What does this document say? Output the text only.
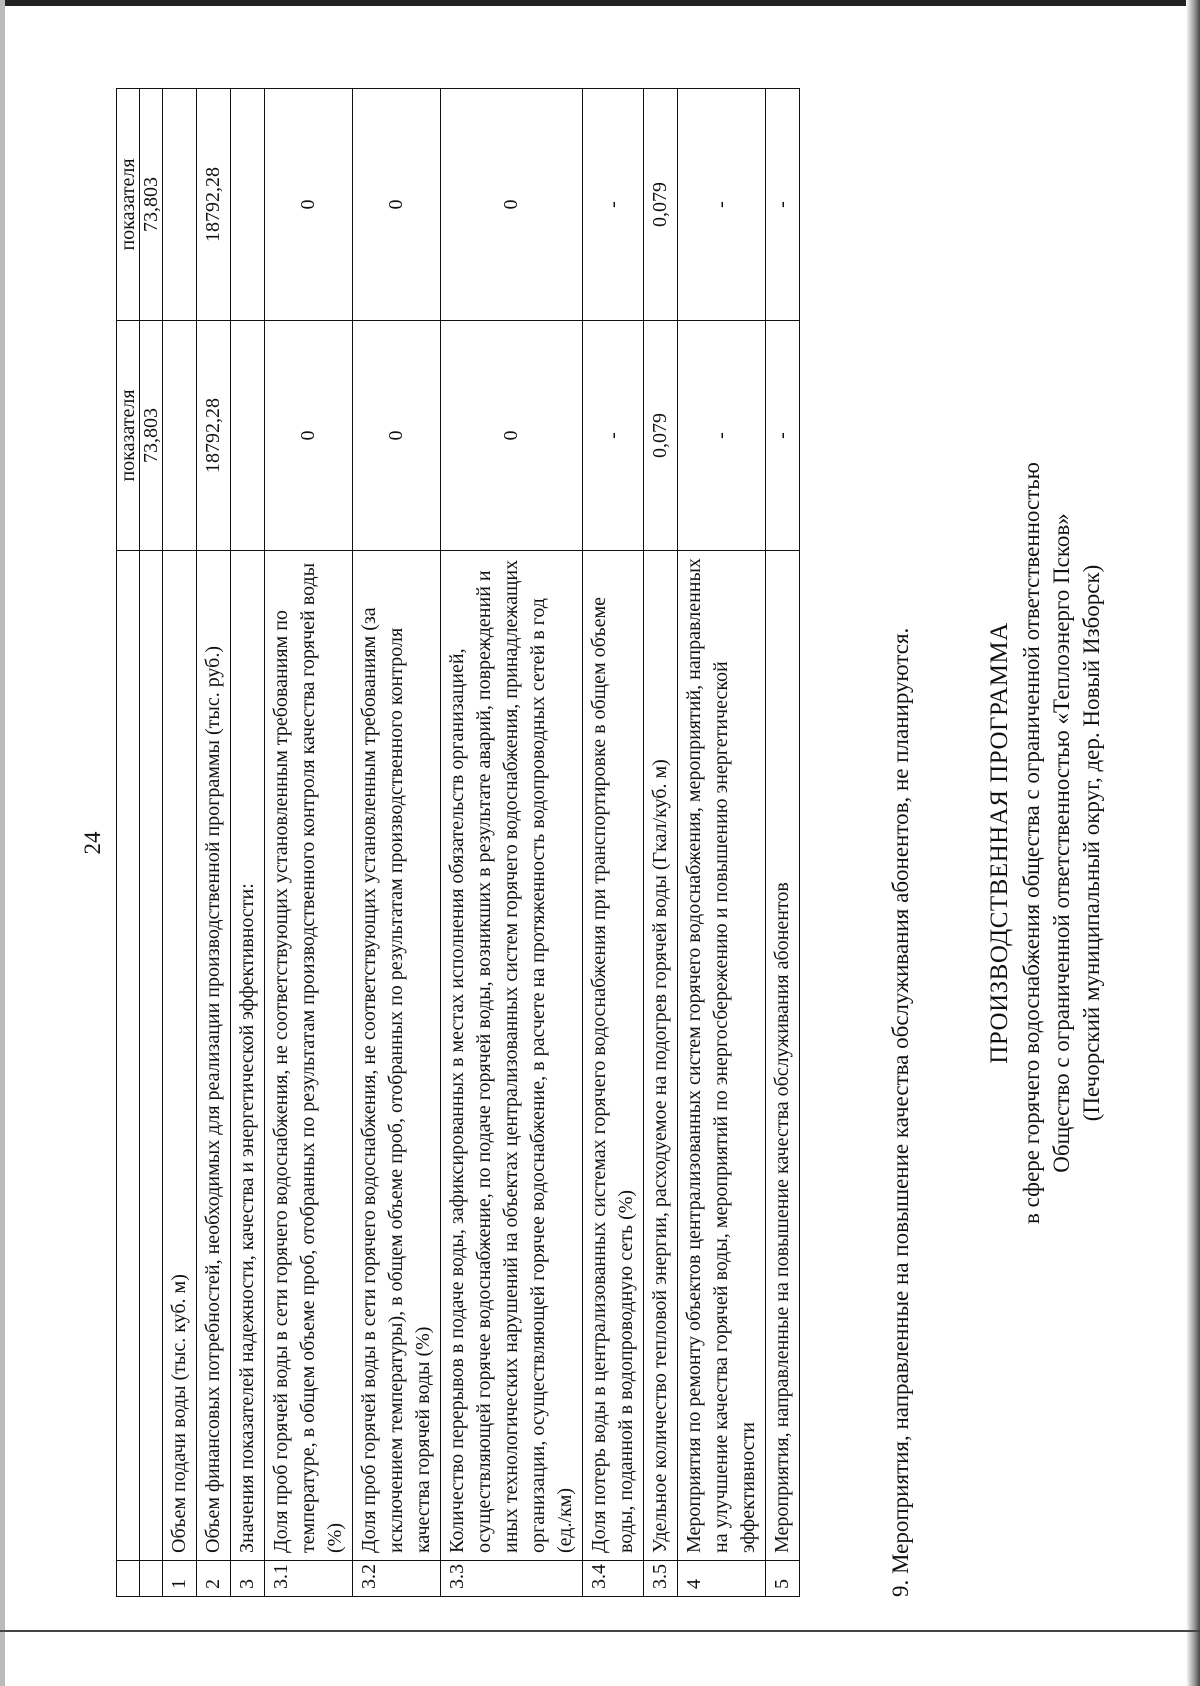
24
		показателя	показателя
		73,803	73,803
1	Объем подачи воды (тыс. куб. м)		
2	Объем финансовых потребностей, необходимых для реализации производственной программы (тыс. руб.)	18792,28	18792,28
3	Значения показателей надежности, качества и энергетической эффективности:		
3.1	Доля проб горячей воды в сети горячего водоснабжения, не соответствующих установленным требованиям по температуре, в общем объеме проб, отобранных по результатам производственного контроля качества горячей воды (%)	0	0
3.2	Доля проб горячей воды в сети горячего водоснабжения, не соответствующих установленным требованиям (за исключением температуры), в общем объеме проб, отобранных по результатам производственного контроля качества горячей воды (%)	0	0
3.3	Количество перерывов в подаче воды, зафиксированных в местах исполнения обязательств организацией, осуществляющей горячее водоснабжение, по подаче горячей воды, возникших в результате аварий, повреждений и иных технологических нарушений на объектах централизованных систем горячего водоснабжения, принадлежащих организации, осуществляющей горячее водоснабжение, в расчете на протяженность водопроводных сетей в год (ед./км)	0	0
3.4	Доля потерь воды в централизованных системах горячего водоснабжения при транспортировке в общем объеме воды, поданной в водопроводную сеть (%)	-	-
3.5	Удельное количество тепловой энергии, расходуемое на подогрев горячей воды (Гкал/куб. м)	0,079	0,079
4	Мероприятия по ремонту объектов централизованных систем горячего водоснабжения, мероприятий, направленных на улучшение качества горячей воды, мероприятий по энергосбережению и повышению энергетической эффективности	-	-
5	Мероприятия, направленные на повышение качества обслуживания абонентов	-	-
9. Мероприятия, направленные на повышение качества обслуживания абонентов, не планируются.	ПРОИЗВОДСТВЕННАЯ ПРОГРАММА в сфере горячего водоснабжения общества с ограниченной ответственностью Общество с ограниченной ответственностью «Теплоэнерго Псков» (Печорский муниципальный округ, дер. Новый Изборск)
